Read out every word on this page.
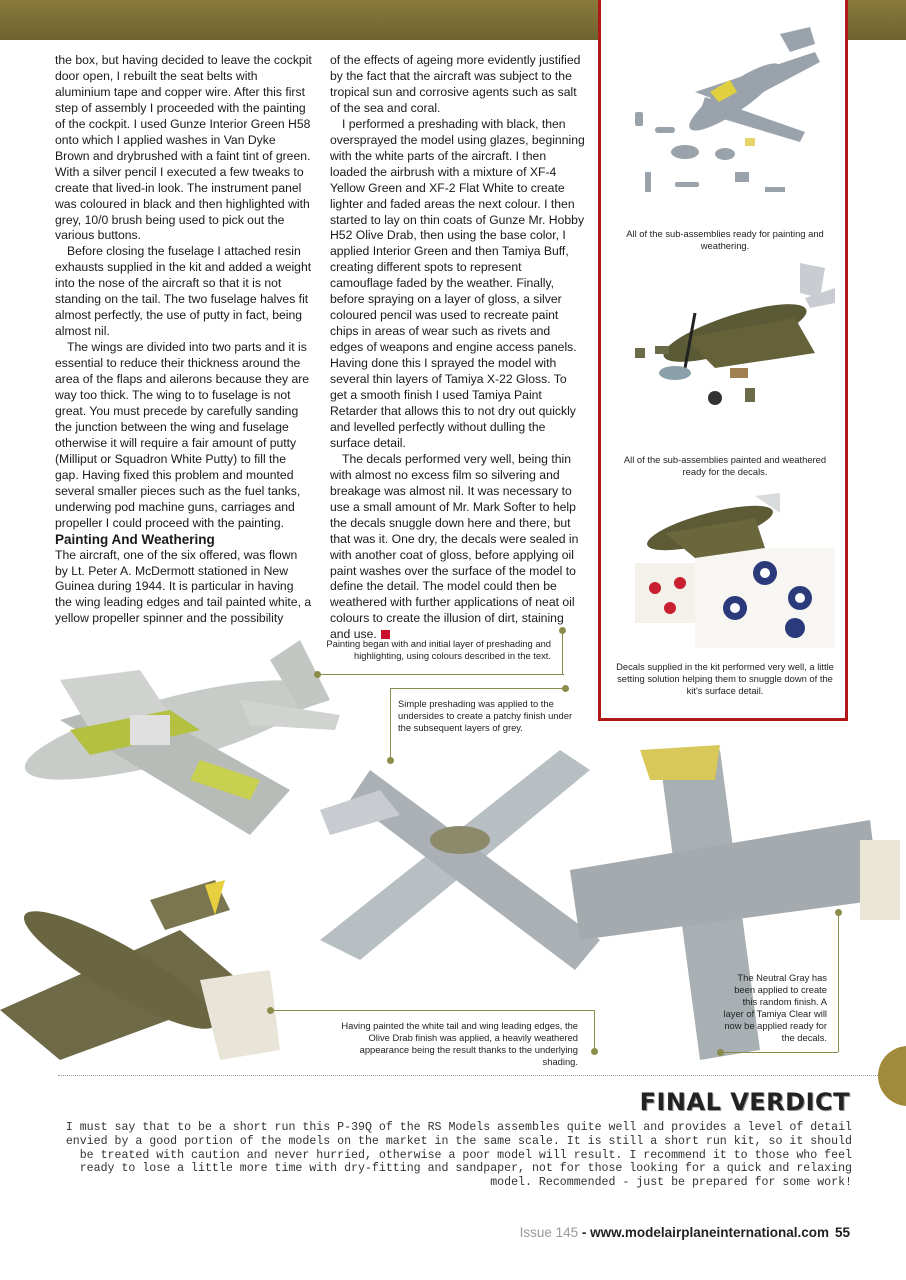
the box, but having decided to leave the cockpit door open, I rebuilt the seat belts with aluminium tape and copper wire. After this first step of assembly I proceeded with the painting of the cockpit. I used Gunze Interior Green H58 onto which I applied washes in Van Dyke Brown and drybrushed with a faint tint of green. With a silver pencil I executed a few tweaks to create that lived-in look. The instrument panel was coloured in black and then highlighted with grey, 10/0 brush being used to pick out the various buttons.

Before closing the fuselage I attached resin exhausts supplied in the kit and added a weight into the nose of the aircraft so that it is not standing on the tail. The two fuselage halves fit almost perfectly, the use of putty in fact, being almost nil.

The wings are divided into two parts and it is essential to reduce their thickness around the area of the flaps and ailerons because they are way too thick. The wing to to fuselage is not great. You must precede by carefully sanding the junction between the wing and fuselage otherwise it will require a fair amount of putty (Milliput or Squadron White Putty) to fill the gap. Having fixed this problem and mounted several smaller pieces such as the fuel tanks, underwing pod machine guns, carriages and propeller I could proceed with the painting.

Painting And Weathering

The aircraft, one of the six offered, was flown by Lt. Peter A. McDermott stationed in New Guinea during 1944. It is particular in having the wing leading edges and tail painted white, a yellow propeller spinner and the possibility

of the effects of ageing more evidently justified by the fact that the aircraft was subject to the tropical sun and corrosive agents such as salt of the sea and coral.

I performed a preshading with black, then oversprayed the model using glazes, beginning with the white parts of the aircraft. I then loaded the airbrush with a mixture of XF-4 Yellow Green and XF-2 Flat White to create lighter and faded areas the next colour. I then started to lay on thin coats of Gunze Mr. Hobby H52 Olive Drab, then using the base color, I applied Interior Green and then Tamiya Buff, creating different spots to represent camouflage faded by the weather. Finally, before spraying on a layer of gloss, a silver coloured pencil was used to recreate paint chips in areas of wear such as rivets and edges of weapons and engine access panels. Having done this I sprayed the model with several thin layers of Tamiya X-22 Gloss. To get a smooth finish I used Tamiya Paint Retarder that allows this to not dry out quickly and levelled perfectly without dulling the surface detail.

The decals performed very well, being thin with almost no excess film so silvering and breakage was almost nil. It was necessary to use a small amount of Mr. Mark Softer to help the decals snuggle down here and there, but that was it. One dry, the decals were sealed in with another coat of gloss, before applying oil paint washes over the surface of the model to define the detail. The model could then be weathered with further applications of neat oil colours to create the illusion of dirt, staining and use.

All of the sub-assemblies ready for painting and weathering.
All of the sub-assemblies painted and weathered ready for the decals.
Decals supplied in the kit performed very well, a little setting solution helping them to snuggle down of the kit's surface detail.
Painting began with and initial layer of preshading and highlighting, using colours described in the text.
Simple preshading was applied to the undersides to create a patchy finish under the subsequent layers of grey.
Having painted the white tail and wing leading edges, the Olive Drab finish was applied, a heavily weathered appearance being the result thanks to the underlying shading.
The Neutral Gray has been applied to create this random finish. A layer of Tamiya Clear will now be applied ready for the decals.
FINAL VERDICT
I must say that to be a short run this P-39Q of the RS Models assembles quite well and provides a level of detail envied by a good portion of the models on the market in the same scale. It is still a short run kit, so it should be treated with caution and never hurried, otherwise a poor model will result. I recommend it to those who feel ready to lose a little more time with dry-fitting and sandpaper, not for those looking for a quick and relaxing model. Recommended - just be prepared for some work!
Issue 145 - www.modelairplaneinternational.com 55
